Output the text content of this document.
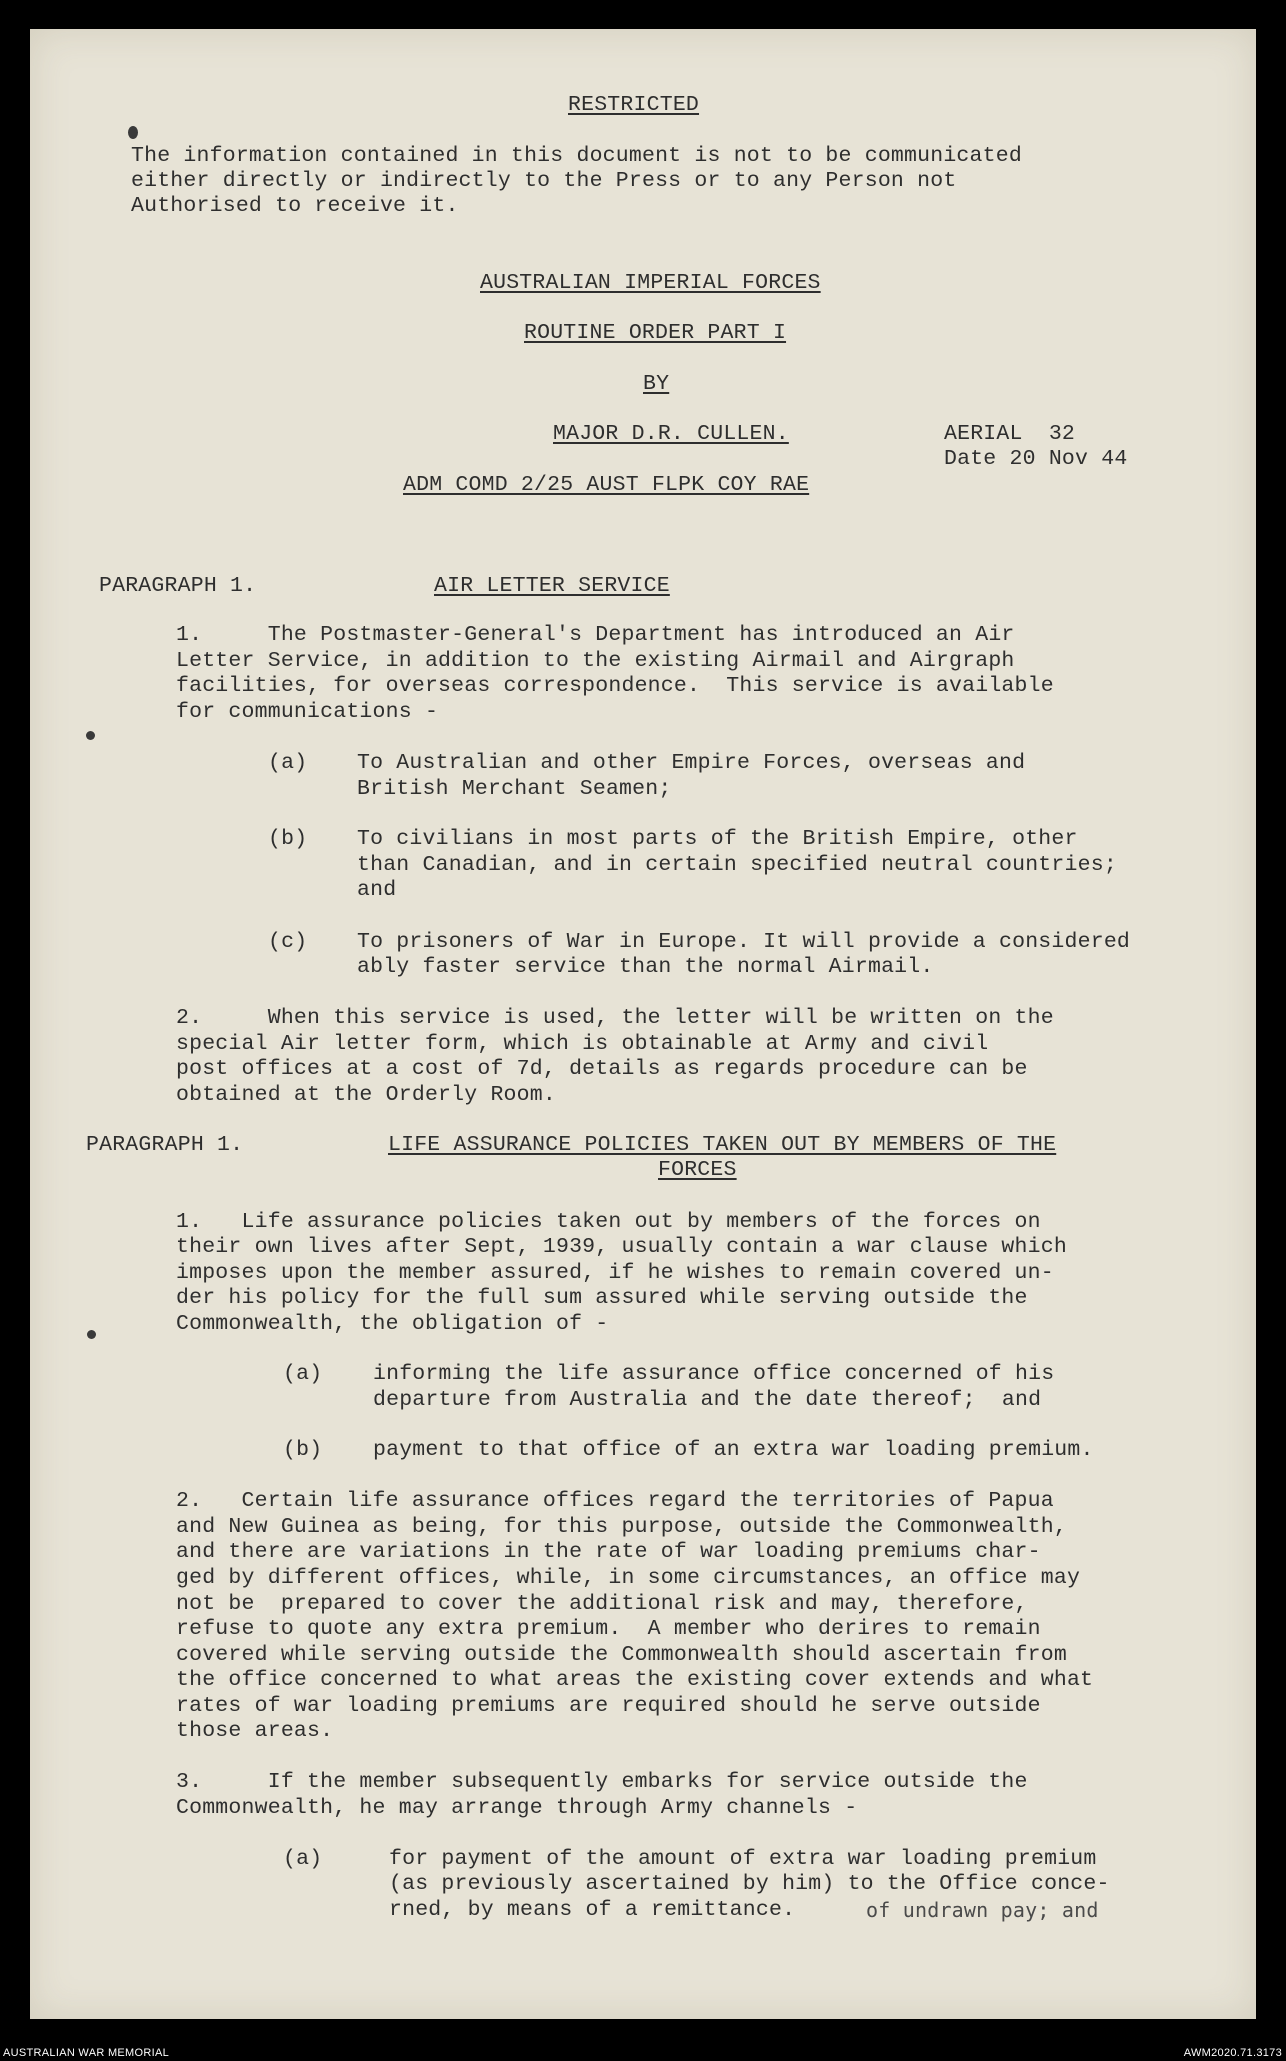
RESTRICTED
The information contained in this document is not to be communicated
either directly or indirectly to the Press or to any Person not
Authorised to receive it.
AUSTRALIAN IMPERIAL FORCES
ROUTINE ORDER PART I
BY
MAJOR D.R. CULLEN.	AERIAL  32
Date 20 Nov 44
ADM COMD 2/25 AUST FLPK COY RAE
PARAGRAPH 1.	AIR LETTER SERVICE
1.     The Postmaster-General's Department has introduced an Air
Letter Service, in addition to the existing Airmail and Airgraph
facilities, for overseas correspondence.  This service is available
for communications -
(a) To Australian and other Empire Forces, overseas and
British Merchant Seamen;
(b) To civilians in most parts of the British Empire, other
than Canadian, and in certain specified neutral countries;
and
(c) To prisoners of War in Europe. It will provide a considered
ably faster service than the normal Airmail.
2.     When this service is used, the letter will be written on the
special Air letter form, which is obtainable at Army and civil
post offices at a cost of 7d, details as regards procedure can be
obtained at the Orderly Room.
PARAGRAPH 1.	LIFE ASSURANCE POLICIES TAKEN OUT BY MEMBERS OF THE
FORCES
1.   Life assurance policies taken out by members of the forces on
their own lives after Sept, 1939, usually contain a war clause which
imposes upon the member assured, if he wishes to remain covered un-
der his policy for the full sum assured while serving outside the
Commonwealth, the obligation of -
(a) informing the life assurance office concerned of his
departure from Australia and the date thereof;  and
(b) payment to that office of an extra war loading premium.
2.   Certain life assurance offices regard the territories of Papua
and New Guinea as being, for this purpose, outside the Commonwealth,
and there are variations in the rate of war loading premiums char-
ged by different offices, while, in some circumstances, an office may
not be  prepared to cover the additional risk and may, therefore,
refuse to quote any extra premium.  A member who derires to remain
covered while serving outside the Commonwealth should ascertain from
the office concerned to what areas the existing cover extends and what
rates of war loading premiums are required should he serve outside
those areas.
3.     If the member subsequently embarks for service outside the
Commonwealth, he may arrange through Army channels -
(a)	for payment of the amount of extra war loading premium
(as previously ascertained by him) to the Office conce-
rned, by means of a remittance.	of undrawn pay; and
AUSTRALIAN WAR MEMORIAL	AWM2020.71.3173
